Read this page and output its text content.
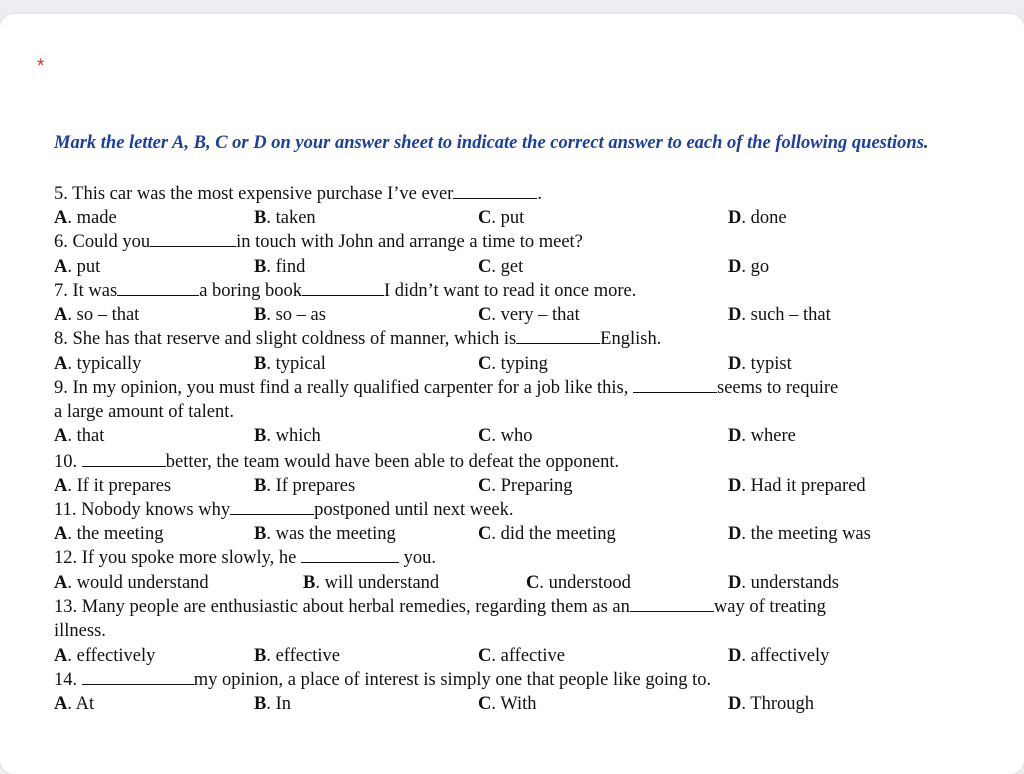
*
Mark the letter A, B, C or D on your answer sheet to indicate the correct answer to each of the following questions.
5. This car was the most expensive purchase I’ve ever	.
A. made	B. taken	C. put	D. done
6. Could you	in touch with John and arrange a time to meet?
A. put	B. find	C. get	D. go
7. It was	a boring book	I didn’t want to read it once more.
A. so – that	B. so – as	C. very – that	D. such – that
8. She has that reserve and slight coldness of manner, which is	English.
A. typically	B. typical	C. typing	D. typist
9. In my opinion, you must find a really qualified carpenter for a job like this,	seems to require
a large amount of talent.
A. that	B. which	C. who	D. where
10.	better, the team would have been able to defeat the opponent.
A. If it prepares	B. If prepares	C. Preparing	D. Had it prepared
11. Nobody knows why	postponed until next week.
A. the meeting	B. was the meeting	C. did the meeting	D. the meeting was
12. If you spoke more slowly, he	you.
A. would understand	B. will understand	C. understood	D. understands
13. Many people are enthusiastic about herbal remedies, regarding them as an	way of treating
illness.
A. effectively	B. effective	C. affective	D. affectively
14.	my opinion, a place of interest is simply one that people like going to.
A. At	B. In	C. With	D. Through
